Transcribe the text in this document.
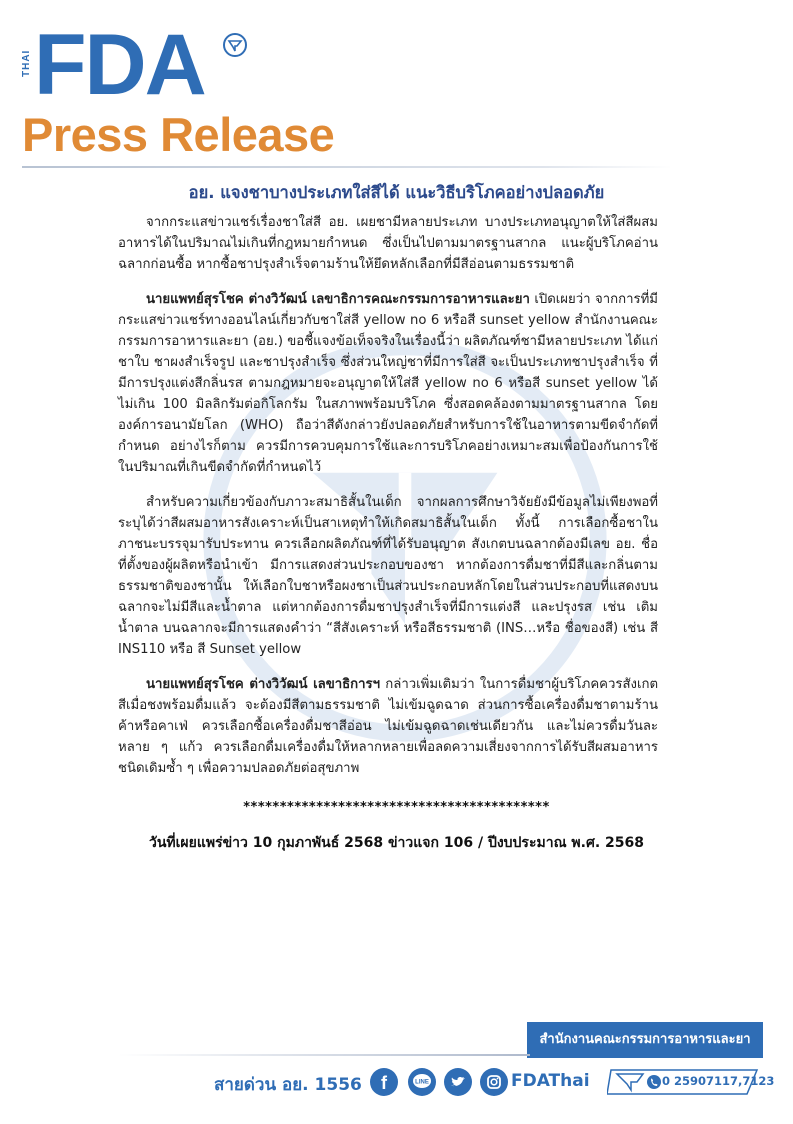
THAI FDA
Press Release
อย. แจงชาบางประเภทใส่สีได้ แนะวิธีบริโภคอย่างปลอดภัย

จากกระแสข่าวแชร์เรื่องชาใส่สี อย. เผยชามีหลายประเภท บางประเภทอนุญาตให้ใส่สีผสมอาหารได้ในปริมาณไม่เกินที่กฎหมายกำหนด ซึ่งเป็นไปตามมาตรฐานสากล แนะผู้บริโภคอ่านฉลากก่อนซื้อ หากซื้อชาปรุงสำเร็จตามร้านให้ยึดหลักเลือกที่มีสีอ่อนตามธรรมชาติ

นายแพทย์สุรโชค ต่างวิวัฒน์ เลขาธิการคณะกรรมการอาหารและยา เปิดเผยว่า จากการที่มีกระแสข่าวแชร์ทางออนไลน์เกี่ยวกับชาใส่สี yellow no 6 หรือสี sunset yellow สำนักงานคณะกรรมการอาหารและยา (อย.) ขอชี้แจงข้อเท็จจริงในเรื่องนี้ว่า ผลิตภัณฑ์ชามีหลายประเภท ได้แก่ ชาใบ ชาผงสำเร็จรูป และชาปรุงสำเร็จ ซึ่งส่วนใหญ่ชาที่มีการใส่สี จะเป็นประเภทชาปรุงสำเร็จ ที่มีการปรุงแต่งสีกลิ่นรส ตามกฎหมายจะอนุญาตให้ใส่สี yellow no 6 หรือสี sunset yellow ได้ไม่เกิน 100 มิลลิกรัมต่อกิโลกรัม ในสภาพพร้อมบริโภค ซึ่งสอดคล้องตามมาตรฐานสากล โดยองค์การอนามัยโลก (WHO) ถือว่าสีดังกล่าวยังปลอดภัยสำหรับการใช้ในอาหารตามขีดจำกัดที่กำหนด อย่างไรก็ตาม ควรมีการควบคุมการใช้และการบริโภคอย่างเหมาะสมเพื่อป้องกันการใช้ในปริมาณที่เกินขีดจำกัดที่กำหนดไว้

สำหรับความเกี่ยวข้องกับภาวะสมาธิสั้นในเด็ก จากผลการศึกษาวิจัยยังมีข้อมูลไม่เพียงพอที่ระบุได้ว่าสีผสมอาหารสังเคราะห์เป็นสาเหตุทำให้เกิดสมาธิสั้นในเด็ก ทั้งนี้ การเลือกซื้อชาในภาชนะบรรจุมารับประทาน ควรเลือกผลิตภัณฑ์ที่ได้รับอนุญาต สังเกตบนฉลากต้องมีเลข อย. ชื่อที่ตั้งของผู้ผลิตหรือนำเข้า มีการแสดงส่วนประกอบของชา หากต้องการดื่มชาที่มีสีและกลิ่นตามธรรมชาติของชานั้น ให้เลือกใบชาหรือผงชาเป็นส่วนประกอบหลักโดยในส่วนประกอบที่แสดงบนฉลากจะไม่มีสีและน้ำตาล แต่หากต้องการดื่มชาปรุงสำเร็จที่มีการแต่งสี และปรุงรส เช่น เติมน้ำตาล บนฉลากจะมีการแสดงคำว่า “สีสังเคราะห์ หรือสีธรรมชาติ (INS…หรือ ชื่อของสี) เช่น สี INS110 หรือ สี Sunset yellow

นายแพทย์สุรโชค ต่างวิวัฒน์ เลขาธิการฯ กล่าวเพิ่มเติมว่า ในการดื่มชาผู้บริโภคควรสังเกตสีเมื่อชงพร้อมดื่มแล้ว จะต้องมีสีตามธรรมชาติ ไม่เข้มฉูดฉาด ส่วนการซื้อเครื่องดื่มชาตามร้านค้าหรือคาเฟ่ ควรเลือกซื้อเครื่องดื่มชาสีอ่อน ไม่เข้มฉูดฉาดเช่นเดียวกัน และไม่ควรดื่มวันละหลาย ๆ แก้ว ควรเลือกดื่มเครื่องดื่มให้หลากหลายเพื่อลดความเสี่ยงจากการได้รับสีผสมอาหารชนิดเดิมซ้ำ ๆ เพื่อความปลอดภัยต่อสุขภาพ

******************************************
วันที่เผยแพร่ข่าว 10 กุมภาพันธ์ 2568 ข่าวแจก 106 / ปีงบประมาณ พ.ศ. 2568
สำนักงานคณะกรรมการอาหารและยา
สายด่วน อย. 1556 f	LINE	FDAThai	0 25907117,7123
